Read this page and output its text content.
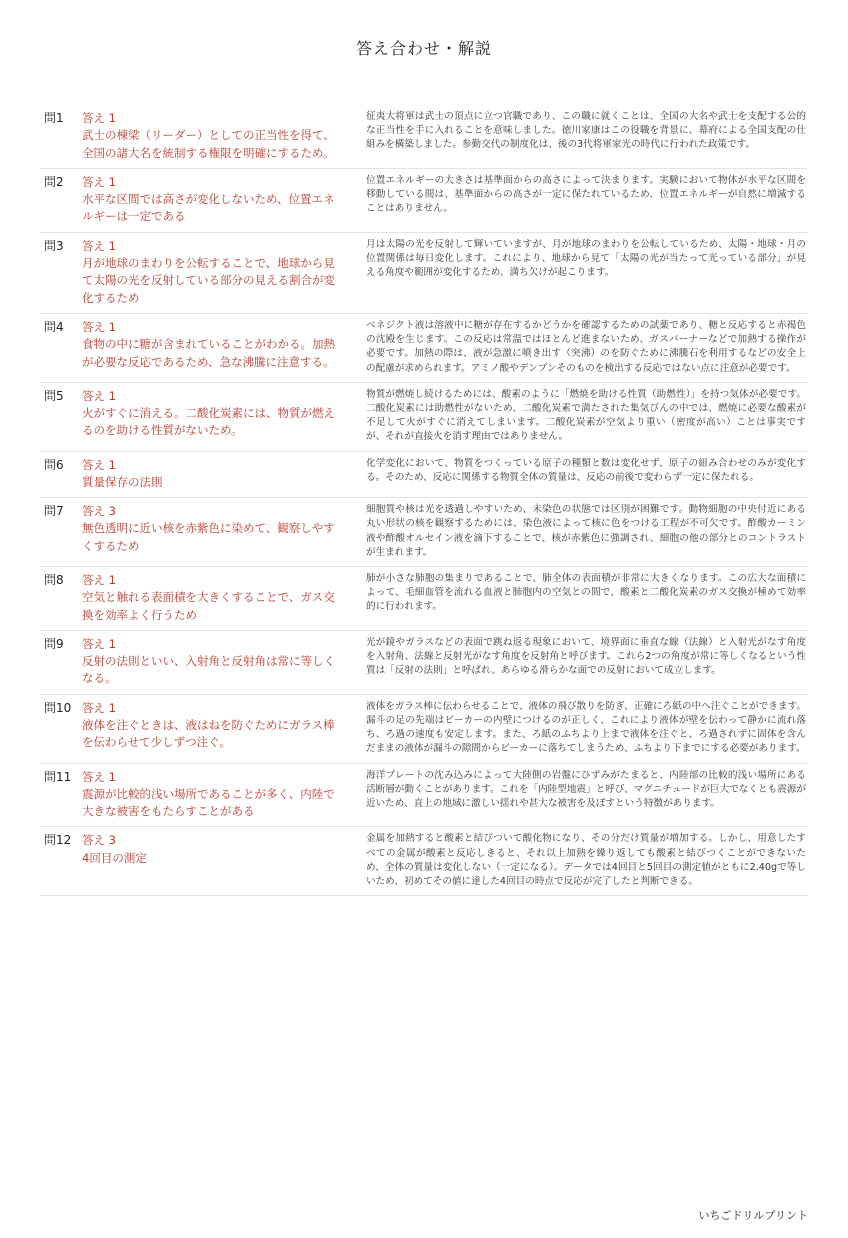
答え合わせ・解説
問1	答え 1
武士の棟梁（リーダー）としての正当性を得て、全国の諸大名を統制する権限を明確にするため。
征夷大将軍は武士の頂点に立つ官職であり、この職に就くことは、全国の大名や武士を支配する公的な正当性を手に入れることを意味しました。徳川家康はこの役職を背景に、幕府による全国支配の仕組みを構築しました。参勤交代の制度化は、後の3代将軍家光の時代に行われた政策です。
問2	答え 1
水平な区間では高さが変化しないため、位置エネルギーは一定である
位置エネルギーの大きさは基準面からの高さによって決まります。実験において物体が水平な区間を移動している間は、基準面からの高さが一定に保たれているため、位置エネルギーが自然に増減することはありません。
問3	答え 1
月が地球のまわりを公転することで、地球から見て太陽の光を反射している部分の見える割合が変化するため
月は太陽の光を反射して輝いていますが、月が地球のまわりを公転しているため、太陽・地球・月の位置関係は毎日変化します。これにより、地球から見て「太陽の光が当たって光っている部分」が見える角度や範囲が変化するため、満ち欠けが起こります。
問4	答え 1
食物の中に糖が含まれていることがわかる。加熱が必要な反応であるため、急な沸騰に注意する。
ベネジクト液は溶液中に糖が存在するかどうかを確認するための試薬であり、糖と反応すると赤褐色の沈殿を生じます。この反応は常温ではほとんど進まないため、ガスバーナーなどで加熱する操作が必要です。加熱の際は、液が急激に噴き出す（突沸）のを防ぐために沸騰石を利用するなどの安全上の配慮が求められます。アミノ酸やデンプンそのものを検出する反応ではない点に注意が必要です。
問5	答え 1
火がすぐに消える。二酸化炭素には、物質が燃えるのを助ける性質がないため。
物質が燃焼し続けるためには、酸素のように「燃焼を助ける性質（助燃性）」を持つ気体が必要です。二酸化炭素には助燃性がないため、二酸化炭素で満たされた集気びんの中では、燃焼に必要な酸素が不足して火がすぐに消えてしまいます。二酸化炭素が空気より重い（密度が高い）ことは事実ですが、それが直接火を消す理由ではありません。
問6	答え 1
質量保存の法則
化学変化において、物質をつくっている原子の種類と数は変化せず、原子の組み合わせのみが変化する。そのため、反応に関係する物質全体の質量は、反応の前後で変わらず一定に保たれる。
問7	答え 3
無色透明に近い核を赤紫色に染めて、観察しやすくするため
細胞質や核は光を透過しやすいため、未染色の状態では区別が困難です。動物細胞の中央付近にある丸い形状の核を観察するためには、染色液によって核に色をつける工程が不可欠です。酢酸カーミン液や酢酸オルセイン液を滴下することで、核が赤紫色に強調され、細胞の他の部分とのコントラストが生まれます。
問8	答え 1
空気と触れる表面積を大きくすることで、ガス交換を効率よく行うため
肺が小さな肺胞の集まりであることで、肺全体の表面積が非常に大きくなります。この広大な面積によって、毛細血管を流れる血液と肺胞内の空気との間で、酸素と二酸化炭素のガス交換が極めて効率的に行われます。
問9	答え 1
反射の法則といい、入射角と反射角は常に等しくなる。
光が鏡やガラスなどの表面で跳ね返る現象において、境界面に垂直な線（法線）と入射光がなす角度を入射角、法線と反射光がなす角度を反射角と呼びます。これら2つの角度が常に等しくなるという性質は「反射の法則」と呼ばれ、あらゆる滑らかな面での反射において成立します。
問10 答え 1
液体を注ぐときは、液はねを防ぐためにガラス棒を伝わらせて少しずつ注ぐ。
液体をガラス棒に伝わらせることで、液体の飛び散りを防ぎ、正確にろ紙の中へ注ぐことができます。漏斗の足の先端はビーカーの内壁につけるのが正しく、これにより液体が壁を伝わって静かに流れ落ち、ろ過の速度も安定します。また、ろ紙のふちより上まで液体を注ぐと、ろ過されずに固体を含んだままの液体が漏斗の隙間からビーカーに落ちてしまうため、ふちより下までにする必要があります。
問11 答え 1
震源が比較的浅い場所であることが多く、内陸で大きな被害をもたらすことがある
海洋プレートの沈み込みによって大陸側の岩盤にひずみがたまると、内陸部の比較的浅い場所にある活断層が動くことがあります。これを「内陸型地震」と呼び、マグニチュードが巨大でなくとも震源が近いため、直上の地域に激しい揺れや甚大な被害を及ぼすという特徴があります。
問12 答え 3
4回目の測定
金属を加熱すると酸素と結びついて酸化物になり、その分だけ質量が増加する。しかし、用意したすべての金属が酸素と反応しきると、それ以上加熱を繰り返しても酸素と結びつくことができないため、全体の質量は変化しない（一定になる）。データでは4回目と5回目の測定値がともに2.40gで等しいため、初めてその値に達した4回目の時点で反応が完了したと判断できる。
いちごドリルプリント
